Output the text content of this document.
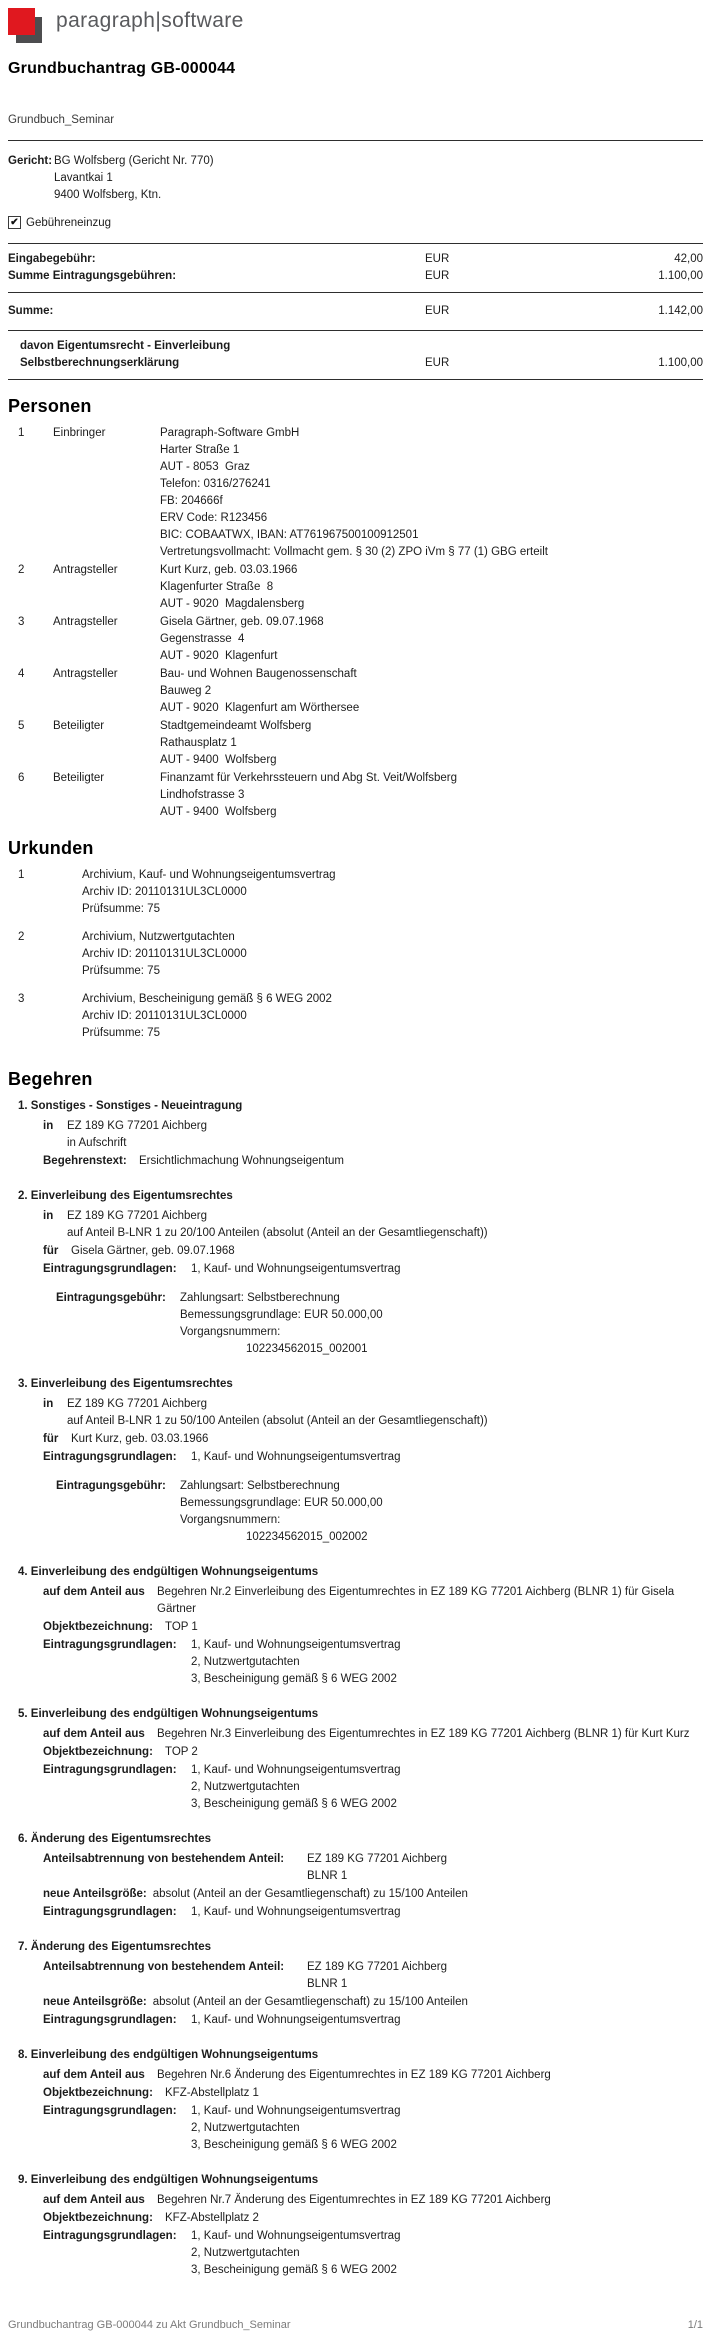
paragraph|software
Grundbuchantrag GB-000044
Grundbuch_Seminar
Gericht: BG Wolfsberg (Gericht Nr. 770)
Lavantkai 1
9400 Wolfsberg, Ktn.
✔ Gebühreneinzug
Eingabegebühr:	EUR	42,00
Summe Eintragungsgebühren:	EUR	1.100,00
Summe:	EUR	1.142,00
davon Eigentumsrecht - Einverleibung
Selbstberechnungserklärung	EUR	1.100,00
Personen
1	Einbringer	Paragraph-Software GmbH
Harter Straße 1
AUT - 8053  Graz
Telefon: 0316/276241
FB: 204666f
ERV Code: R123456
BIC: COBAATWX, IBAN: AT761967500100912501
Vertretungsvollmacht: Vollmacht gem. § 30 (2) ZPO iVm § 77 (1) GBG erteilt
2	Antragsteller	Kurt Kurz, geb. 03.03.1966
Klagenfurter Straße  8
AUT - 9020  Magdalensberg
3	Antragsteller	Gisela Gärtner, geb. 09.07.1968
Gegenstrasse  4
AUT - 9020  Klagenfurt
4	Antragsteller	Bau- und Wohnen Baugenossenschaft
Bauweg 2
AUT - 9020  Klagenfurt am Wörthersee
5	Beteiligter	Stadtgemeindeamt Wolfsberg
Rathausplatz 1
AUT - 9400  Wolfsberg
6	Beteiligter	Finanzamt für Verkehrssteuern und Abg St. Veit/Wolfsberg
Lindhofstrasse 3
AUT - 9400  Wolfsberg
Urkunden
1	Archivium, Kauf- und Wohnungseigentumsvertrag
Archiv ID: 20110131UL3CL0000
Prüfsumme: 75
2	Archivium, Nutzwertgutachten
Archiv ID: 20110131UL3CL0000
Prüfsumme: 75
3	Archivium, Bescheinigung gemäß § 6 WEG 2002
Archiv ID: 20110131UL3CL0000
Prüfsumme: 75
Begehren
1. Sonstiges - Sonstiges - Neueintragung
in	EZ 189 KG 77201 Aichberg
in Aufschrift
Begehrenstext:	Ersichtlichmachung Wohnungseigentum
2. Einverleibung des Eigentumsrechtes
in	EZ 189 KG 77201 Aichberg
auf Anteil B-LNR 1 zu 20/100 Anteilen (absolut (Anteil an der Gesamtliegenschaft))
für	Gisela Gärtner, geb. 09.07.1968
Eintragungsgrundlagen:	1, Kauf- und Wohnungseigentumsvertrag
Eintragungsgebühr:	Zahlungsart: Selbstberechnung
Bemessungsgrundlage: EUR 50.000,00
Vorgangsnummern:
102234562015_002001
3. Einverleibung des Eigentumsrechtes
in	EZ 189 KG 77201 Aichberg
auf Anteil B-LNR 1 zu 50/100 Anteilen (absolut (Anteil an der Gesamtliegenschaft))
für	Kurt Kurz, geb. 03.03.1966
Eintragungsgrundlagen:	1, Kauf- und Wohnungseigentumsvertrag
Eintragungsgebühr:	Zahlungsart: Selbstberechnung
Bemessungsgrundlage: EUR 50.000,00
Vorgangsnummern:
102234562015_002002
4. Einverleibung des endgültigen Wohnungseigentums
auf dem Anteil aus	Begehren Nr.2 Einverleibung des Eigentumrechtes in EZ 189 KG 77201 Aichberg (BLNR 1) für Gisela Gärtner
Objektbezeichnung:	TOP 1
Eintragungsgrundlagen:	1, Kauf- und Wohnungseigentumsvertrag
2, Nutzwertgutachten
3, Bescheinigung gemäß § 6 WEG 2002
5. Einverleibung des endgültigen Wohnungseigentums
auf dem Anteil aus	Begehren Nr.3 Einverleibung des Eigentumrechtes in EZ 189 KG 77201 Aichberg (BLNR 1) für Kurt Kurz
Objektbezeichnung:	TOP 2
Eintragungsgrundlagen:	1, Kauf- und Wohnungseigentumsvertrag
2, Nutzwertgutachten
3, Bescheinigung gemäß § 6 WEG 2002
6. Änderung des Eigentumsrechtes
Anteilsabtrennung von bestehendem Anteil:	EZ 189 KG 77201 Aichberg
BLNR 1
neue Anteilsgröße: absolut (Anteil an der Gesamtliegenschaft) zu 15/100 Anteilen
Eintragungsgrundlagen:	1, Kauf- und Wohnungseigentumsvertrag
7. Änderung des Eigentumsrechtes
Anteilsabtrennung von bestehendem Anteil:	EZ 189 KG 77201 Aichberg
BLNR 1
neue Anteilsgröße: absolut (Anteil an der Gesamtliegenschaft) zu 15/100 Anteilen
Eintragungsgrundlagen:	1, Kauf- und Wohnungseigentumsvertrag
8. Einverleibung des endgültigen Wohnungseigentums
auf dem Anteil aus	Begehren Nr.6 Änderung des Eigentumrechtes in EZ 189 KG 77201 Aichberg
Objektbezeichnung:	KFZ-Abstellplatz 1
Eintragungsgrundlagen:	1, Kauf- und Wohnungseigentumsvertrag
2, Nutzwertgutachten
3, Bescheinigung gemäß § 6 WEG 2002
9. Einverleibung des endgültigen Wohnungseigentums
auf dem Anteil aus	Begehren Nr.7 Änderung des Eigentumrechtes in EZ 189 KG 77201 Aichberg
Objektbezeichnung:	KFZ-Abstellplatz 2
Eintragungsgrundlagen:	1, Kauf- und Wohnungseigentumsvertrag
2, Nutzwertgutachten
3, Bescheinigung gemäß § 6 WEG 2002
Grundbuchantrag GB-000044 zu Akt Grundbuch_Seminar	1/1
